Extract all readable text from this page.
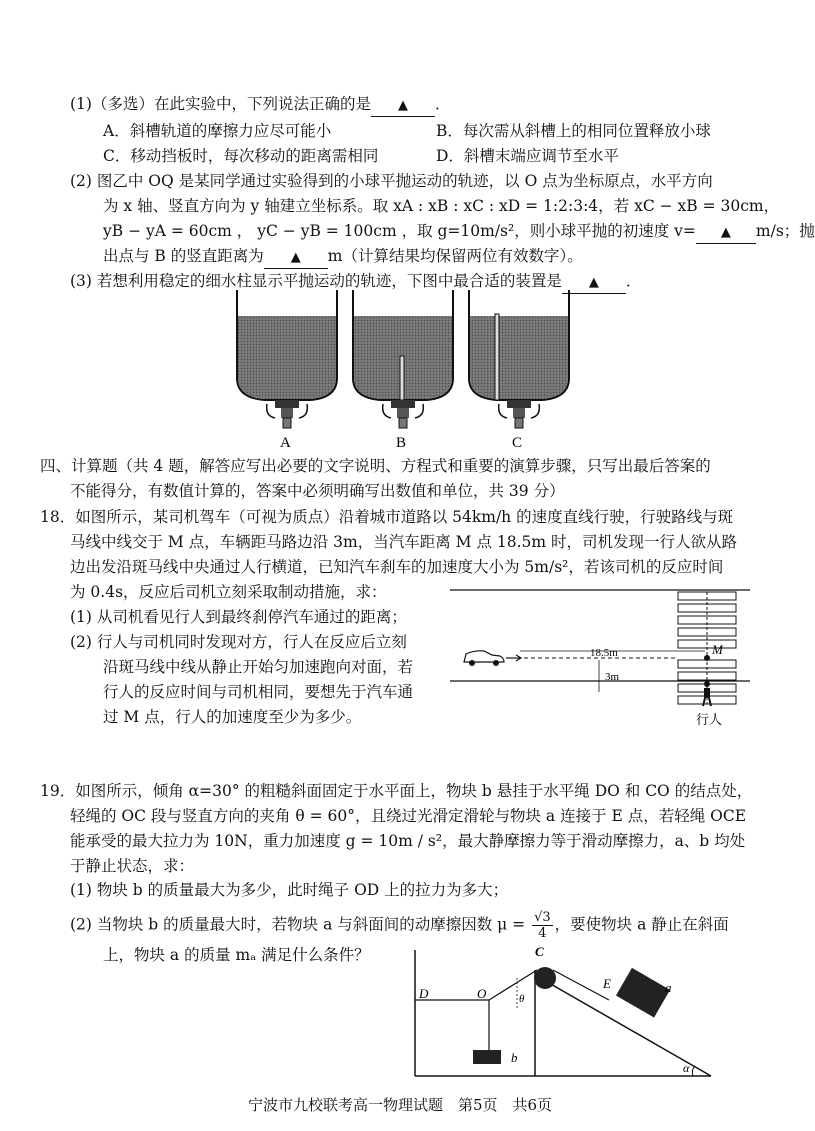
(1)（多选）在此实验中，下列说法正确的是 ▲ ．
A．斜槽轨道的摩擦力应尽可能小	B．每次需从斜槽上的相同位置释放小球
C．移动挡板时，每次移动的距离需相同	D．斜槽末端应调节至水平
(2) 图乙中 OQ 是某同学通过实验得到的小球平抛运动的轨迹，以 O 点为坐标原点，水平方向
为 x 轴、竖直方向为 y 轴建立坐标系。取 xA : xB : xC : xD = 1:2:3:4，若 xC − xB = 30cm，
yB − yA = 60cm ， yC − yB = 100cm ，取 g=10m/s²，则小球平抛的初速度 v= ▲ m/s；抛
出点与 B 的竖直距离为 ▲ m（计算结果均保留两位有效数字）。
(3) 若想利用稳定的细水柱显示平抛运动的轨迹，下图中最合适的装置是 ▲ ．
A	B	C
四、计算题（共 4 题，解答应写出必要的文字说明、方程式和重要的演算步骤，只写出最后答案的
不能得分，有数值计算的，答案中必须明确写出数值和单位，共 39 分）
18．如图所示，某司机驾车（可视为质点）沿着城市道路以 54km/h 的速度直线行驶，行驶路线与斑
马线中线交于 M 点，车辆距马路边沿 3m，当汽车距离 M 点 18.5m 时，司机发现一行人欲从路
边出发沿斑马线中央通过人行横道，已知汽车刹车的加速度大小为 5m/s²，若该司机的反应时间
为 0.4s，反应后司机立刻采取制动措施，求：
(1) 从司机看见行人到最终刹停汽车通过的距离；
(2) 行人与司机同时发现对方，行人在反应后立刻
沿斑马线中线从静止开始匀加速跑向对面，若
行人的反应时间与司机相同，要想先于汽车通
过 M 点，行人的加速度至少为多少。
18.5m	M
3m
行人
19．如图所示，倾角 α=30° 的粗糙斜面固定于水平面上，物块 b 悬挂于水平绳 DO 和 CO 的结点处，
轻绳的 OC 段与竖直方向的夹角 θ = 60°，且绕过光滑定滑轮与物块 a 连接于 E 点，若轻绳 OCE
能承受的最大拉力为 10N，重力加速度 g = 10m / s²，最大静摩擦力等于滑动摩擦力，a、b 均处
于静止状态，求：
(1) 物块 b 的质量最大为多少，此时绳子 OD 上的拉力为多大；
(2) 当物块 b 的质量最大时，若物块 a 与斜面间的动摩擦因数 $\mu = \frac{√3}{4}$ ，要使物块 a 静止在斜面
上，物块 a 的质量 mₐ 满足什么条件？	C
D	O
b
θ
E	a
α
宁波市九校联考高一物理试题　第5页　共6页
